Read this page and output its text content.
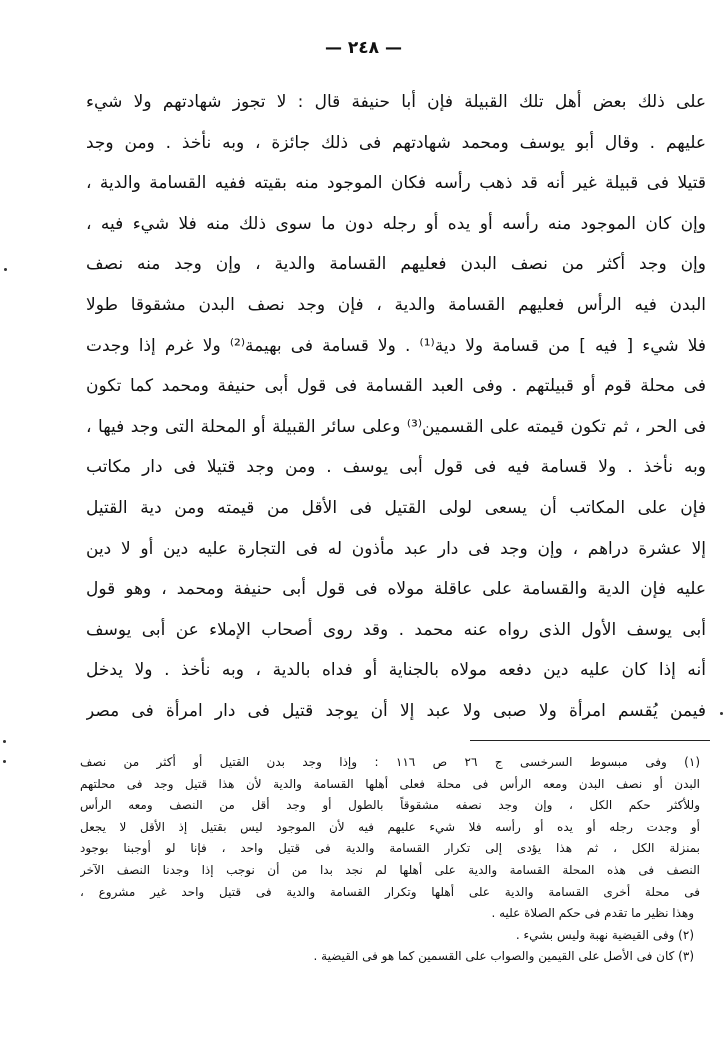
— ٢٤٨ —
على ذلك بعض أهل تلك القبيلة فإن أبا حنيفة قال : لا تجوز شهادتهم ولا شيء
عليهم . وقال أبو يوسف ومحمد شهادتهم فى ذلك جائزة ، وبه نأخذ . ومن وجد
قتيلا فى قبيلة غير أنه قد ذهب رأسه فكان الموجود منه بقيته ففيه القسامة والدية ،
وإن كان الموجود منه رأسه أو يده أو رجله دون ما سوى ذلك منه فلا شيء فيه ،
وإن وجد أكثر من نصف البدن فعليهم القسامة والدية ، وإن وجد منه نصف
البدن فيه الرأس فعليهم القسامة والدية ، فإن وجد نصف البدن مشقوقا طولا
فلا شيء [ فيه ] من قسامة ولا دية⁽¹⁾ . ولا قسامة فى بهيمة⁽²⁾ ولا غرم إذا وجدت
فى محلة قوم أو قبيلتهم . وفى العبد القسامة فى قول أبى حنيفة ومحمد كما تكون
فى الحر ، ثم تكون قيمته على القسمين⁽³⁾ وعلى سائر القبيلة أو المحلة التى وجد فيها ،
وبه نأخذ . ولا قسامة فيه فى قول أبى يوسف . ومن وجد قتيلا فى دار مكاتب
فإن على المكاتب أن يسعى لولى القتيل فى الأقل من قيمته ومن دية القتيل
إلا عشرة دراهم ، وإن وجد فى دار عبد مأذون له فى التجارة عليه دين أو لا دين
عليه فإن الدية والقسامة على عاقلة مولاه فى قول أبى حنيفة ومحمد ، وهو قول
أبى يوسف الأول الذى رواه عنه محمد . وقد روى أصحاب الإملاء عن أبى يوسف
أنه إذا كان عليه دين دفعه مولاه بالجناية أو فداه بالدية ، وبه نأخذ . ولا يدخل
فيمن يُقسم امرأة ولا صبى ولا عبد إلا أن يوجد قتيل فى دار امرأة فى مصر
(١) وفى مبسوط السرخسى ج ٢٦ ص ١١٦ : وإذا وجد بدن القتيل أو أكثر من نصف
البدن أو نصف البدن ومعه الرأس فى محلة فعلى أهلها القسامة والدية لأن هذا قتيل وجد فى محلتهم
وللأكثر حكم الكل ، وإن وجد نصفه مشقوقاً بالطول أو وجد أقل من النصف ومعه الرأس
أو وجدت رجله أو يده أو رأسه فلا شيء عليهم فيه لأن الموجود ليس بقتيل إذ الأقل لا يجعل
بمنزلة الكل ، ثم هذا يؤدى إلى تكرار القسامة والدية فى قتيل واحد ، فإنا لو أوجبنا بوجود
النصف فى هذه المحلة القسامة والدية على أهلها لم نجد بدا من أن نوجب إذا وجدنا النصف الآخر
فى محلة أخرى القسامة والدية على أهلها وتكرار القسامة والدية فى قتيل واحد غير مشروع ،
وهذا نظير ما تقدم فى حكم الصلاة عليه .
(٢) وفى القيضية نهبة وليس بشيء .
(٣) كان فى الأصل على القيمين والصواب على القسمين كما هو فى القيضية .
